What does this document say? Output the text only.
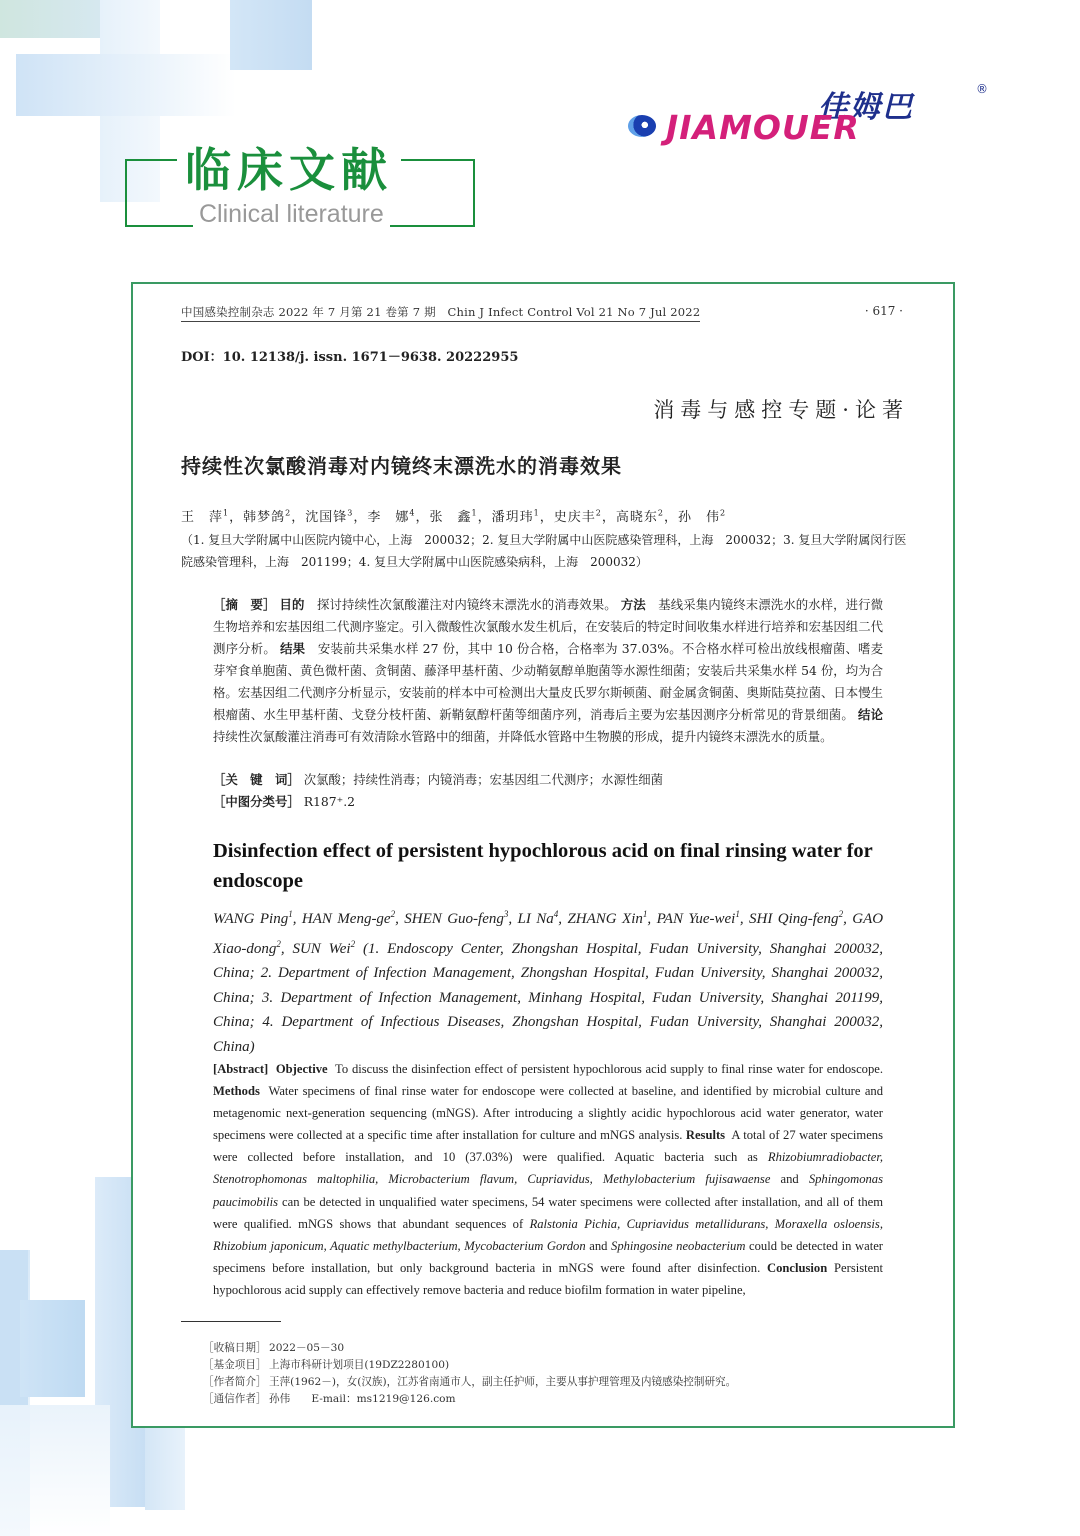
临床文献
Clinical literature
佳姆巴
®
JIAMOUER
中国感染控制杂志 2022 年 7 月第 21 卷第 7 期　Chin J Infect Control Vol 21 No 7 Jul 2022	· 617 ·
DOI：10. 12138/j. issn. 1671－9638. 20222955
消毒与感控专题·论著
持续性次氯酸消毒对内镜终末漂洗水的消毒效果
王　萍$^1$，韩梦鸽$^2$，沈国锋$^3$，李　娜$^4$，张　鑫$^1$，潘玥玮$^1$，史庆丰$^2$，高晓东$^2$，孙　伟$^2$
（1. 复旦大学附属中山医院内镜中心，上海　200032；2. 复旦大学附属中山医院感染管理科，上海　200032；3. 复旦大学附属闵行医院感染管理科，上海　201199；4. 复旦大学附属中山医院感染病科，上海　200032）
［摘　要］ 目的　 探讨持续性次氯酸灌注对内镜终末漂洗水的消毒效果。 方法　 基线采集内镜终末漂洗水的水样，进行微生物培养和宏基因组二代测序鉴定。引入微酸性次氯酸水发生机后，在安装后的特定时间收集水样进行培养和宏基因组二代测序分析。 结果　 安装前共采集水样 27 份，其中 10 份合格，合格率为 37.03%。不合格水样可检出放线根瘤菌、嗜麦芽窄食单胞菌、黄色微杆菌、贪铜菌、藤泽甲基杆菌、少动鞘氨醇单胞菌等水源性细菌；安装后共采集水样 54 份，均为合格。宏基因组二代测序分析显示，安装前的样本中可检测出大量皮氏罗尔斯顿菌、耐金属贪铜菌、奥斯陆莫拉菌、日本慢生根瘤菌、水生甲基杆菌、戈登分枝杆菌、新鞘氨醇杆菌等细菌序列，消毒后主要为宏基因测序分析常见的背景细菌。 结论　持续性次氯酸灌注消毒可有效清除水管路中的细菌，并降低水管路中生物膜的形成，提升内镜终末漂洗水的质量。
［关　键　词］ 次氯酸；持续性消毒；内镜消毒；宏基因组二代测序；水源性细菌
［中图分类号］ R187⁺.2
Disinfection effect of persistent hypochlorous acid on final rinsing water for endoscope
WANG Ping$^1$, HAN Meng-$ge^2$, SHEN Guo-feng$^3$, LI Na$^4$, ZHANG Xin$^1$, PAN Yue-wei$^1$, SHI Qing-feng$^2$, GAO Xiao-dong$^2$, SUN Wei$^2$ (1. Endoscopy Center, Zhongshan Hospital, Fudan University, Shanghai 200032, China; 2. Department of Infection Management, Zhongshan Hospital, Fudan University, Shanghai 200032, China; 3. Department of Infection Management, Minhang Hospital, Fudan University, Shanghai 201199, China; 4. Department of Infectious Diseases, Zhongshan Hospital, Fudan University, Shanghai 200032, China)
[Abstract] Objective To discuss the disinfection effect of persistent hypochlorous acid supply to final rinse water for endoscope. Methods Water specimens of final rinse water for endoscope were collected at baseline, and identified by microbial culture and metagenomic next-generation sequencing (mNGS). After introducing a slightly acidic hypochlorous acid water generator, water specimens were collected at a specific time after installation for culture and mNGS analysis. Results A total of 27 water specimens were collected before installation, and 10 (37.03%) were qualified. Aquatic bacteria such as Rhizobiumradiobacter, Stenotrophomonas maltophilia, Microbacterium flavum, Cupriavidus, Methylobacterium fujisawaense and Sphingomonas paucimobilis can be detected in unqualified water specimens, 54 water specimens were collected after installation, and all of them were qualified. mNGS shows that abundant sequences of Ralstonia Pichia, Cupriavidus metallidurans, Moraxella osloensis, Rhizobium japonicum, Aquatic methylbacterium, Mycobacterium Gordon and Sphingosine neobacterium could be detected in water specimens before installation, but only background bacteria in mNGS were found after disinfection. Conclusion Persistent hypochlorous acid supply can effectively remove bacteria and reduce biofilm formation in water pipeline,
［收稿日期］ 2022－05－30
［基金项目］ 上海市科研计划项目(19DZ2280100)
［作者简介］ 王萍(1962－)，女(汉族)，江苏省南通市人，副主任护师，主要从事护理管理及内镜感染控制研究。
［通信作者］ 孙伟　　E-mail：ms1219@126.com
